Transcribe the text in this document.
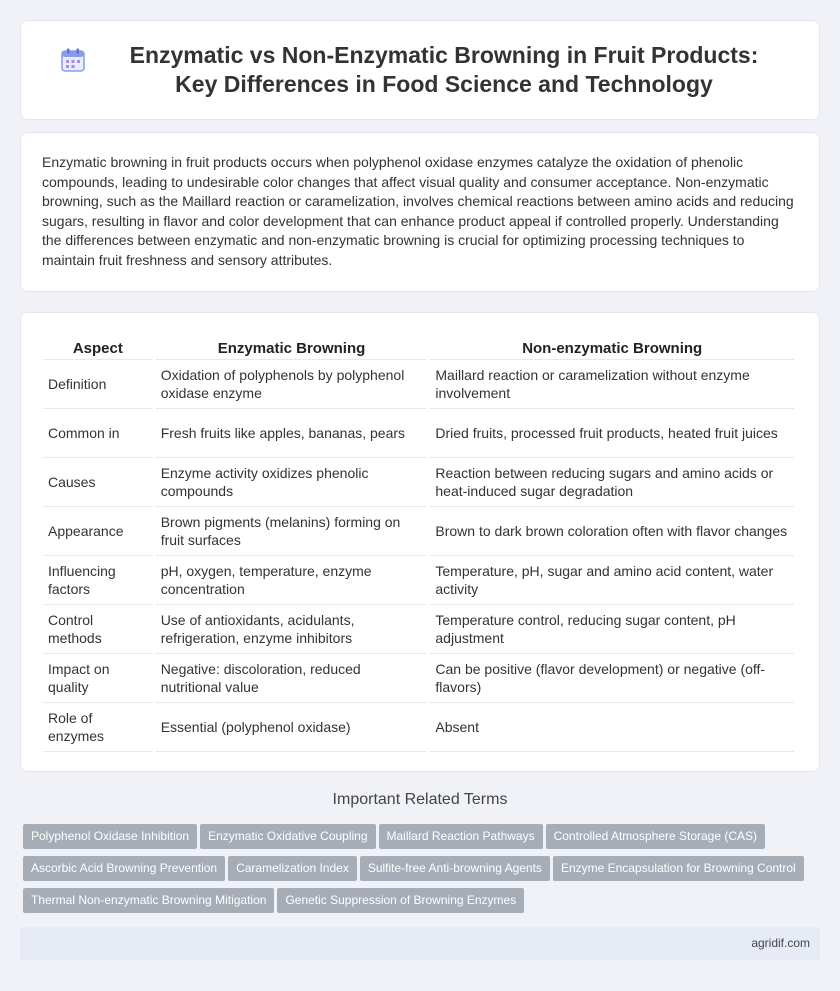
Enzymatic vs Non-Enzymatic Browning in Fruit Products: Key Differences in Food Science and Technology

Enzymatic browning in fruit products occurs when polyphenol oxidase enzymes catalyze the oxidation of phenolic compounds, leading to undesirable color changes that affect visual quality and consumer acceptance. Non-enzymatic browning, such as the Maillard reaction or caramelization, involves chemical reactions between amino acids and reducing sugars, resulting in flavor and color development that can enhance product appeal if controlled properly. Understanding the differences between enzymatic and non-enzymatic browning is crucial for optimizing processing techniques to maintain fruit freshness and sensory attributes.

Aspect	Enzymatic Browning	Non-enzymatic Browning
Definition	Oxidation of polyphenols by polyphenol oxidase enzyme	Maillard reaction or caramelization without enzyme involvement
Common in	Fresh fruits like apples, bananas, pears	Dried fruits, processed fruit products, heated fruit juices
Causes	Enzyme activity oxidizes phenolic compounds	Reaction between reducing sugars and amino acids or heat-induced sugar degradation
Appearance	Brown pigments (melanins) forming on fruit surfaces	Brown to dark brown coloration often with flavor changes
Influencing factors	pH, oxygen, temperature, enzyme concentration	Temperature, pH, sugar and amino acid content, water activity
Control methods	Use of antioxidants, acidulants, refrigeration, enzyme inhibitors	Temperature control, reducing sugar content, pH adjustment
Impact on quality	Negative: discoloration, reduced nutritional value	Can be positive (flavor development) or negative (off-flavors)
Role of enzymes	Essential (polyphenol oxidase)	Absent
Important Related Terms
Polyphenol Oxidase Inhibition Enzymatic Oxidative Coupling Maillard Reaction Pathways Controlled Atmosphere Storage (CAS)
Ascorbic Acid Browning Prevention Caramelization Index Sulfite-free Anti-browning Agents Enzyme Encapsulation for Browning Control
Thermal Non-enzymatic Browning Mitigation Genetic Suppression of Browning Enzymes
agridif.com
